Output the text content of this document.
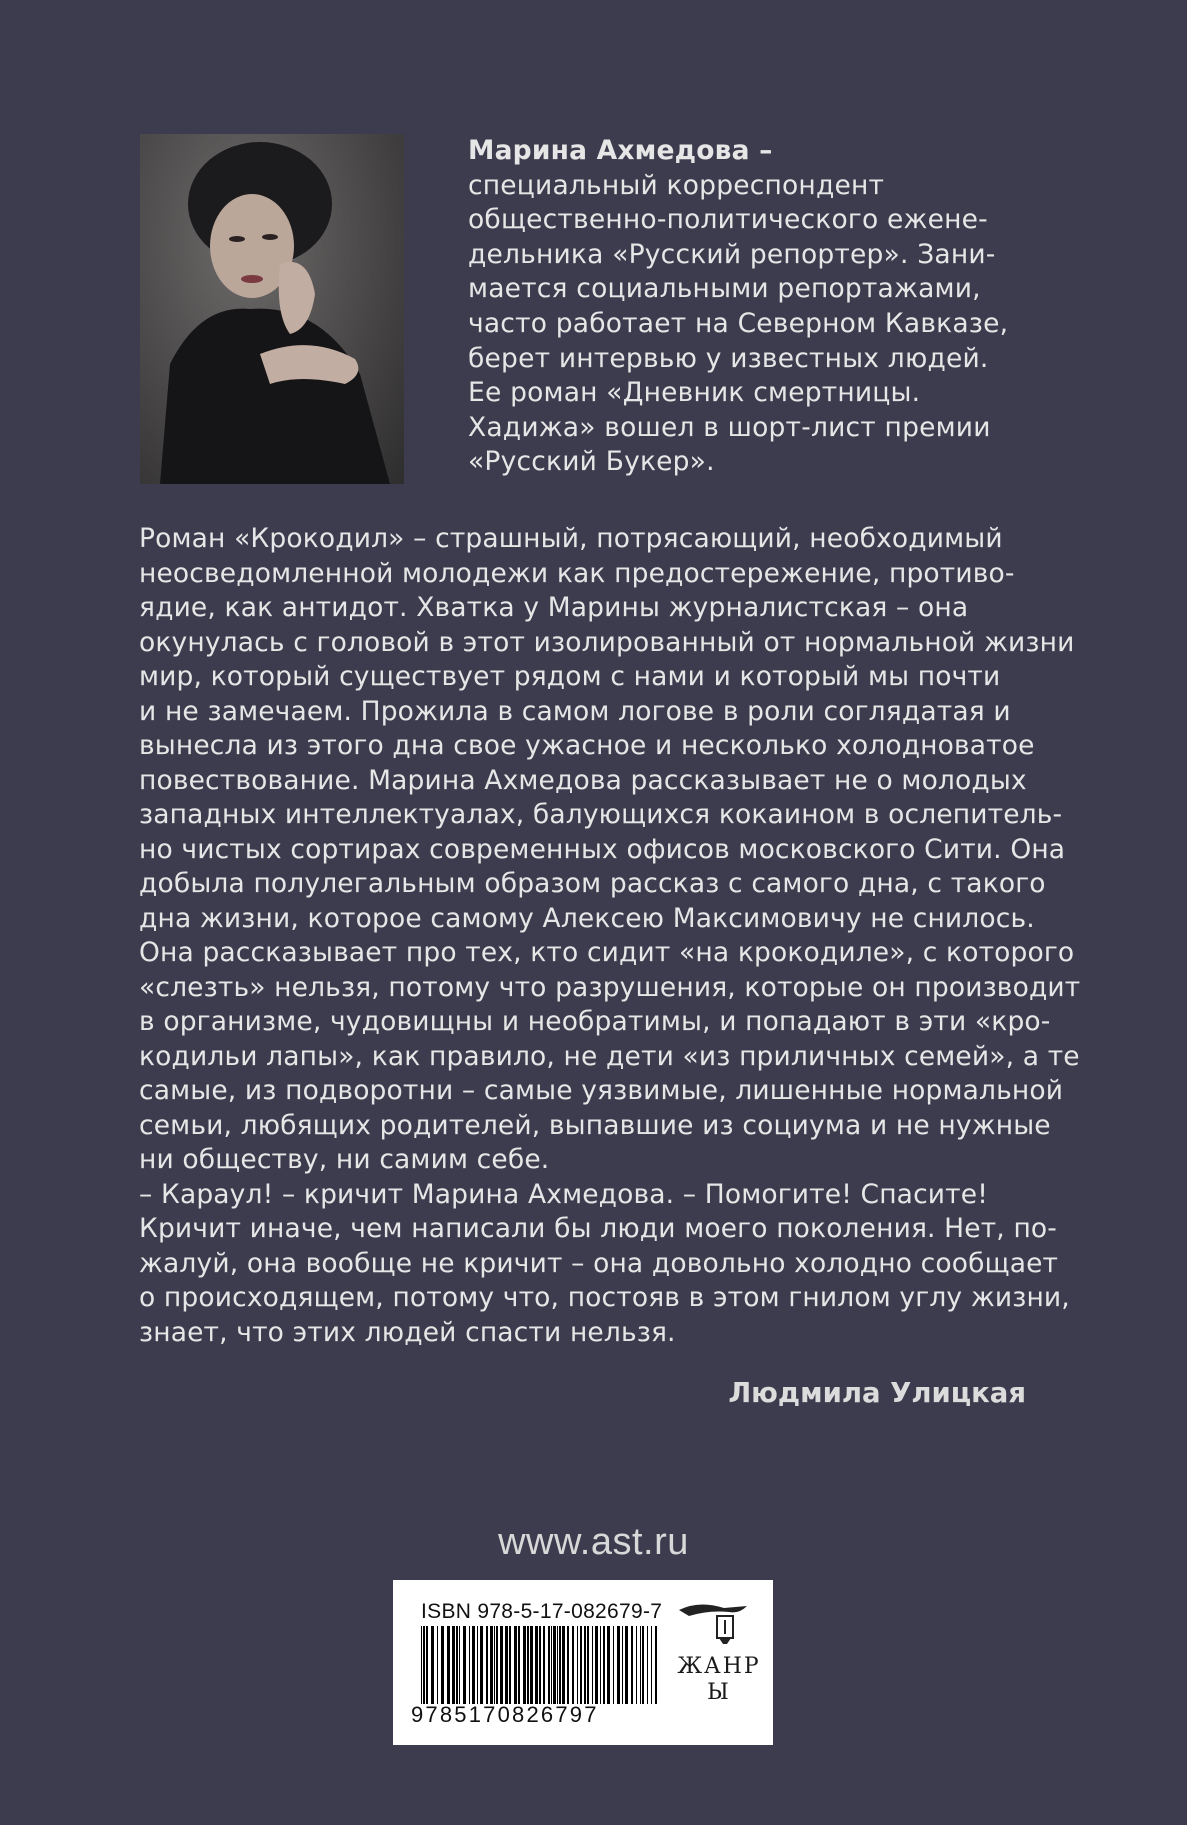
Марина Ахмедова –
специальный корреспондент
общественно-политического еженe-
дельника «Русский репортер». Зани-
мается социальными репортажами,
часто работает на Северном Кавказе,
берет интервью у известных людей.
Ее роман «Дневник смертницы.
Хадижа» вошел в шорт-лист премии
«Русский Букер».
Роман «Крокодил» – страшный, потрясающий, необходимый
неосведомленной молодежи как предостережение, противо-
ядие, как антидот. Хватка у Марины журналистская – она
окунулась с головой в этот изолированный от нормальной жизни
мир, который существует рядом с нами и который мы почти
и не замечаем. Прожила в самом логове в роли соглядатая и
вынесла из этого дна свое ужасное и несколько холодноватое
повествование. Марина Ахмедова рассказывает не о молодых
западных интеллектуалах, балующихся кокаином в ослепитель-
но чистых сортирах современных офисов московского Сити. Она
добыла полулегальным образом рассказ с самого дна, с такого
дна жизни, которое самому Алексею Максимовичу не снилось.
Она рассказывает про тех, кто сидит «на крокодиле», с которого
«слезть» нельзя, потому что разрушения, которые он производит
в организме, чудовищны и необратимы, и попадают в эти «кро-
кодильи лапы», как правило, не дети «из приличных семей», а те
самые, из подворотни – самые уязвимые, лишенные нормальной
семьи, любящих родителей, выпавшие из социума и не нужные
ни обществу, ни самим себе.
– Караул! – кричит Марина Ахмедова. – Помогите! Спасите!
Кричит иначе, чем написали бы люди моего поколения. Нет, по-
жалуй, она вообще не кричит – она довольно холодно сообщает
о происходящем, потому что, постояв в этом гнилом углу жизни,
знает, что этих людей спасти нельзя.
Людмила Улицкая
www.ast.ru
ISBN 978-5-17-082679-7
9785170826797
ЖАНРЫ
